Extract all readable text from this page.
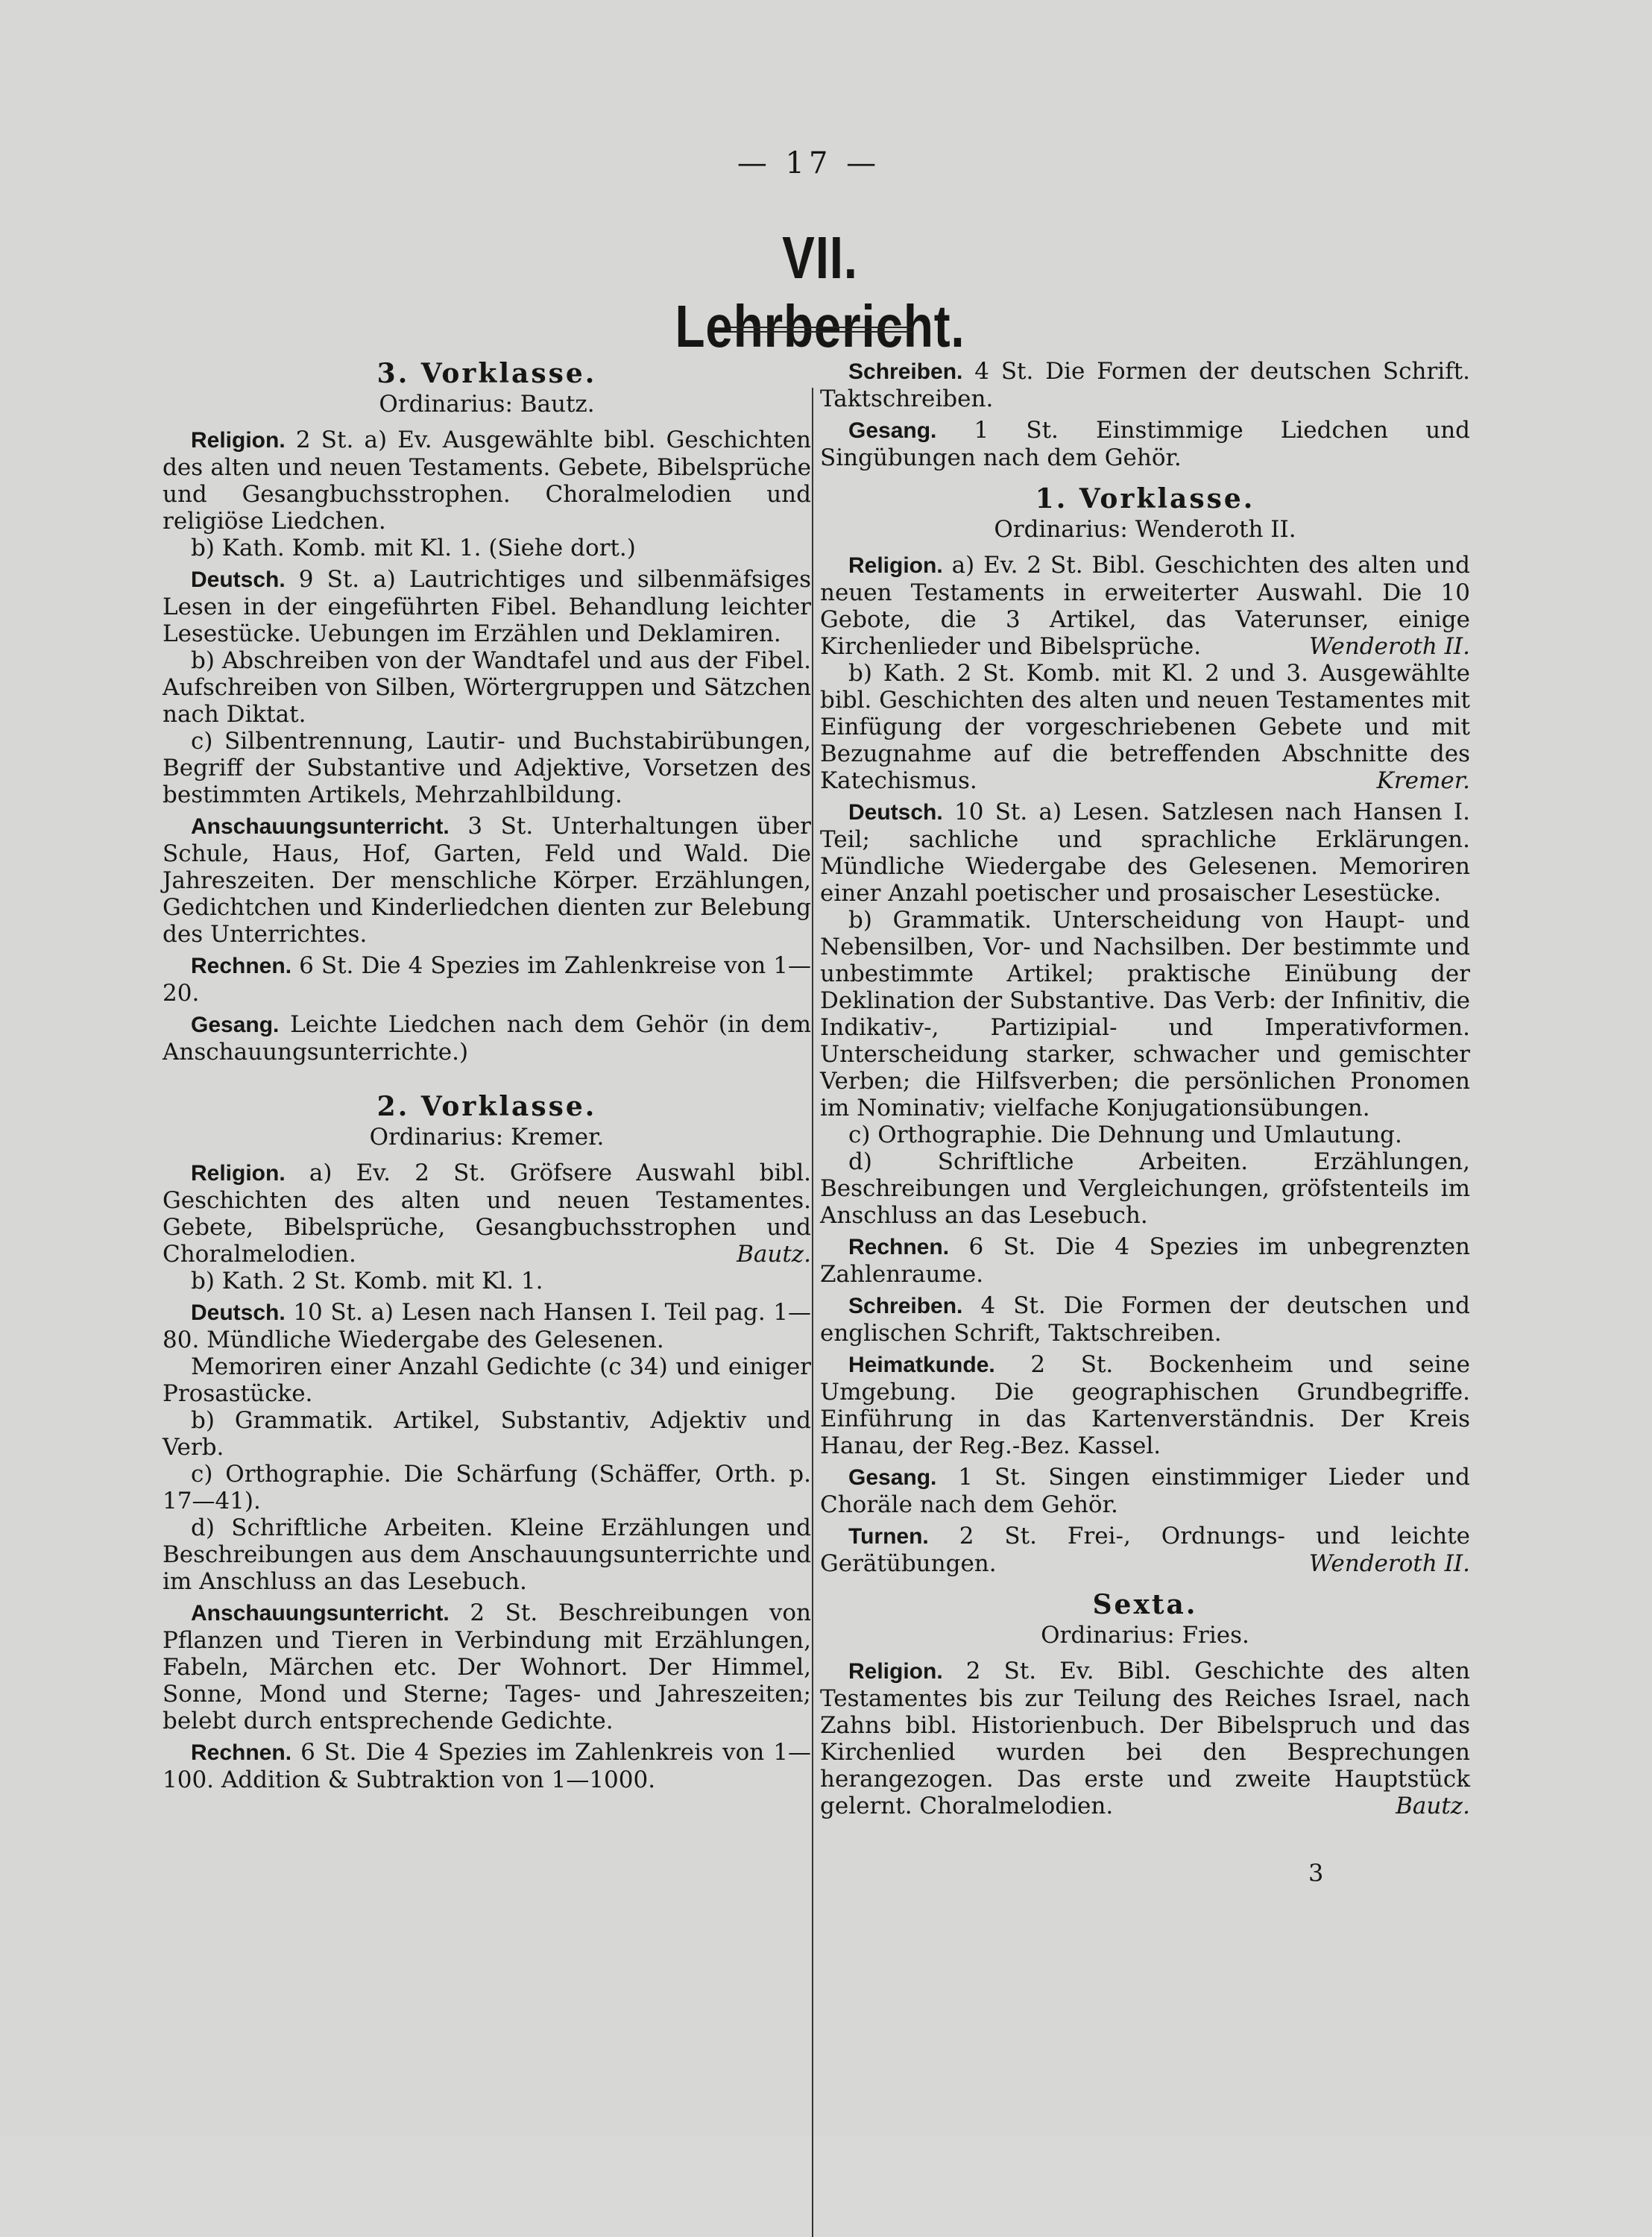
— 17 —
VII. Lehrbericht.
3. Vorklasse.
Ordinarius: Bautz.

Religion. 2 St. a) Ev. Ausgewählte bibl. Geschichten des alten und neuen Testaments. Gebete, Bibelsprüche und Gesangbuchsstrophen. Choralmelodien und religiöse Liedchen.

b) Kath. Komb. mit Kl. 1. (Siehe dort.)

Deutsch. 9 St. a) Lautrichtiges und silbenmäfsiges Lesen in der eingeführten Fibel. Behandlung leichter Lesestücke. Uebungen im Erzählen und Deklamiren.

b) Abschreiben von der Wandtafel und aus der Fibel. Aufschreiben von Silben, Wörtergruppen und Sätzchen nach Diktat.

c) Silbentrennung, Lautir- und Buchstabirübungen, Begriff der Substantive und Adjektive, Vorsetzen des bestimmten Artikels, Mehrzahlbildung.

Anschauungsunterricht. 3 St. Unterhaltungen über Schule, Haus, Hof, Garten, Feld und Wald. Die Jahreszeiten. Der menschliche Körper. Erzählungen, Gedichtchen und Kinderliedchen dienten zur Belebung des Unterrichtes.

Rechnen. 6 St. Die 4 Spezies im Zahlenkreise von 1—20.

Gesang. Leichte Liedchen nach dem Gehör (in dem Anschauungsunterrichte.)

2. Vorklasse.
Ordinarius: Kremer.

Religion. a) Ev. 2 St. Gröfsere Auswahl bibl. Geschichten des alten und neuen Testamentes. Gebete, Bibelsprüche, Gesangbuchsstrophen und Choralmelodien.	Bautz.

b) Kath. 2 St. Komb. mit Kl. 1.

Deutsch. 10 St. a) Lesen nach Hansen I. Teil pag. 1—80. Mündliche Wiedergabe des Gelesenen.

Memoriren einer Anzahl Gedichte (c 34) und einiger Prosastücke.

b) Grammatik. Artikel, Substantiv, Adjektiv und Verb.

c) Orthographie. Die Schärfung (Schäffer, Orth. p. 17—41).

d) Schriftliche Arbeiten. Kleine Erzählungen und Beschreibungen aus dem Anschauungsunterrichte und im Anschluss an das Lesebuch.

Anschauungsunterricht. 2 St. Beschreibungen von Pflanzen und Tieren in Verbindung mit Erzählungen, Fabeln, Märchen etc. Der Wohnort. Der Himmel, Sonne, Mond und Sterne; Tages- und Jahreszeiten; belebt durch entsprechende Gedichte.

Rechnen. 6 St. Die 4 Spezies im Zahlenkreis von 1—100. Addition & Subtraktion von 1—1000.

Schreiben. 4 St. Die Formen der deutschen Schrift. Taktschreiben.

Gesang. 1 St. Einstimmige Liedchen und Singübungen nach dem Gehör.

1. Vorklasse.
Ordinarius: Wenderoth II.

Religion. a) Ev. 2 St. Bibl. Geschichten des alten und neuen Testaments in erweiterter Auswahl. Die 10 Gebote, die 3 Artikel, das Vaterunser, einige Kirchenlieder und Bibelsprüche.	Wenderoth II.

b) Kath. 2 St. Komb. mit Kl. 2 und 3. Ausgewählte bibl. Geschichten des alten und neuen Testamentes mit Einfügung der vorgeschriebenen Gebete und mit Bezugnahme auf die betreffenden Abschnitte des Katechismus.	Kremer.

Deutsch. 10 St. a) Lesen. Satzlesen nach Hansen I. Teil; sachliche und sprachliche Erklärungen. Mündliche Wiedergabe des Gelesenen. Memoriren einer Anzahl poetischer und prosaischer Lesestücke.

b) Grammatik. Unterscheidung von Haupt- und Nebensilben, Vor- und Nachsilben. Der bestimmte und unbestimmte Artikel; praktische Einübung der Deklination der Substantive. Das Verb: der Infinitiv, die Indikativ-, Partizipial- und Imperativformen. Unterscheidung starker, schwacher und gemischter Verben; die Hilfsverben; die persönlichen Pronomen im Nominativ; vielfache Konjugationsübungen.

c) Orthographie. Die Dehnung und Umlautung.

d) Schriftliche Arbeiten. Erzählungen, Beschreibungen und Vergleichungen, gröfstenteils im Anschluss an das Lesebuch.

Rechnen. 6 St. Die 4 Spezies im unbegrenzten Zahlenraume.

Schreiben. 4 St. Die Formen der deutschen und englischen Schrift, Taktschreiben.

Heimatkunde. 2 St. Bockenheim und seine Umgebung. Die geographischen Grundbegriffe. Einführung in das Kartenverständnis. Der Kreis Hanau, der Reg.-Bez. Kassel.

Gesang. 1 St. Singen einstimmiger Lieder und Choräle nach dem Gehör.

Turnen. 2 St. Frei-, Ordnungs- und leichte Gerätübungen.	Wenderoth II.

Sexta.
Ordinarius: Fries.

Religion. 2 St. Ev. Bibl. Geschichte des alten Testamentes bis zur Teilung des Reiches Israel, nach Zahns bibl. Historienbuch. Der Bibelspruch und das Kirchenlied wurden bei den Besprechungen herangezogen. Das erste und zweite Hauptstück gelernt. Choralmelodien.	Bautz.

3
